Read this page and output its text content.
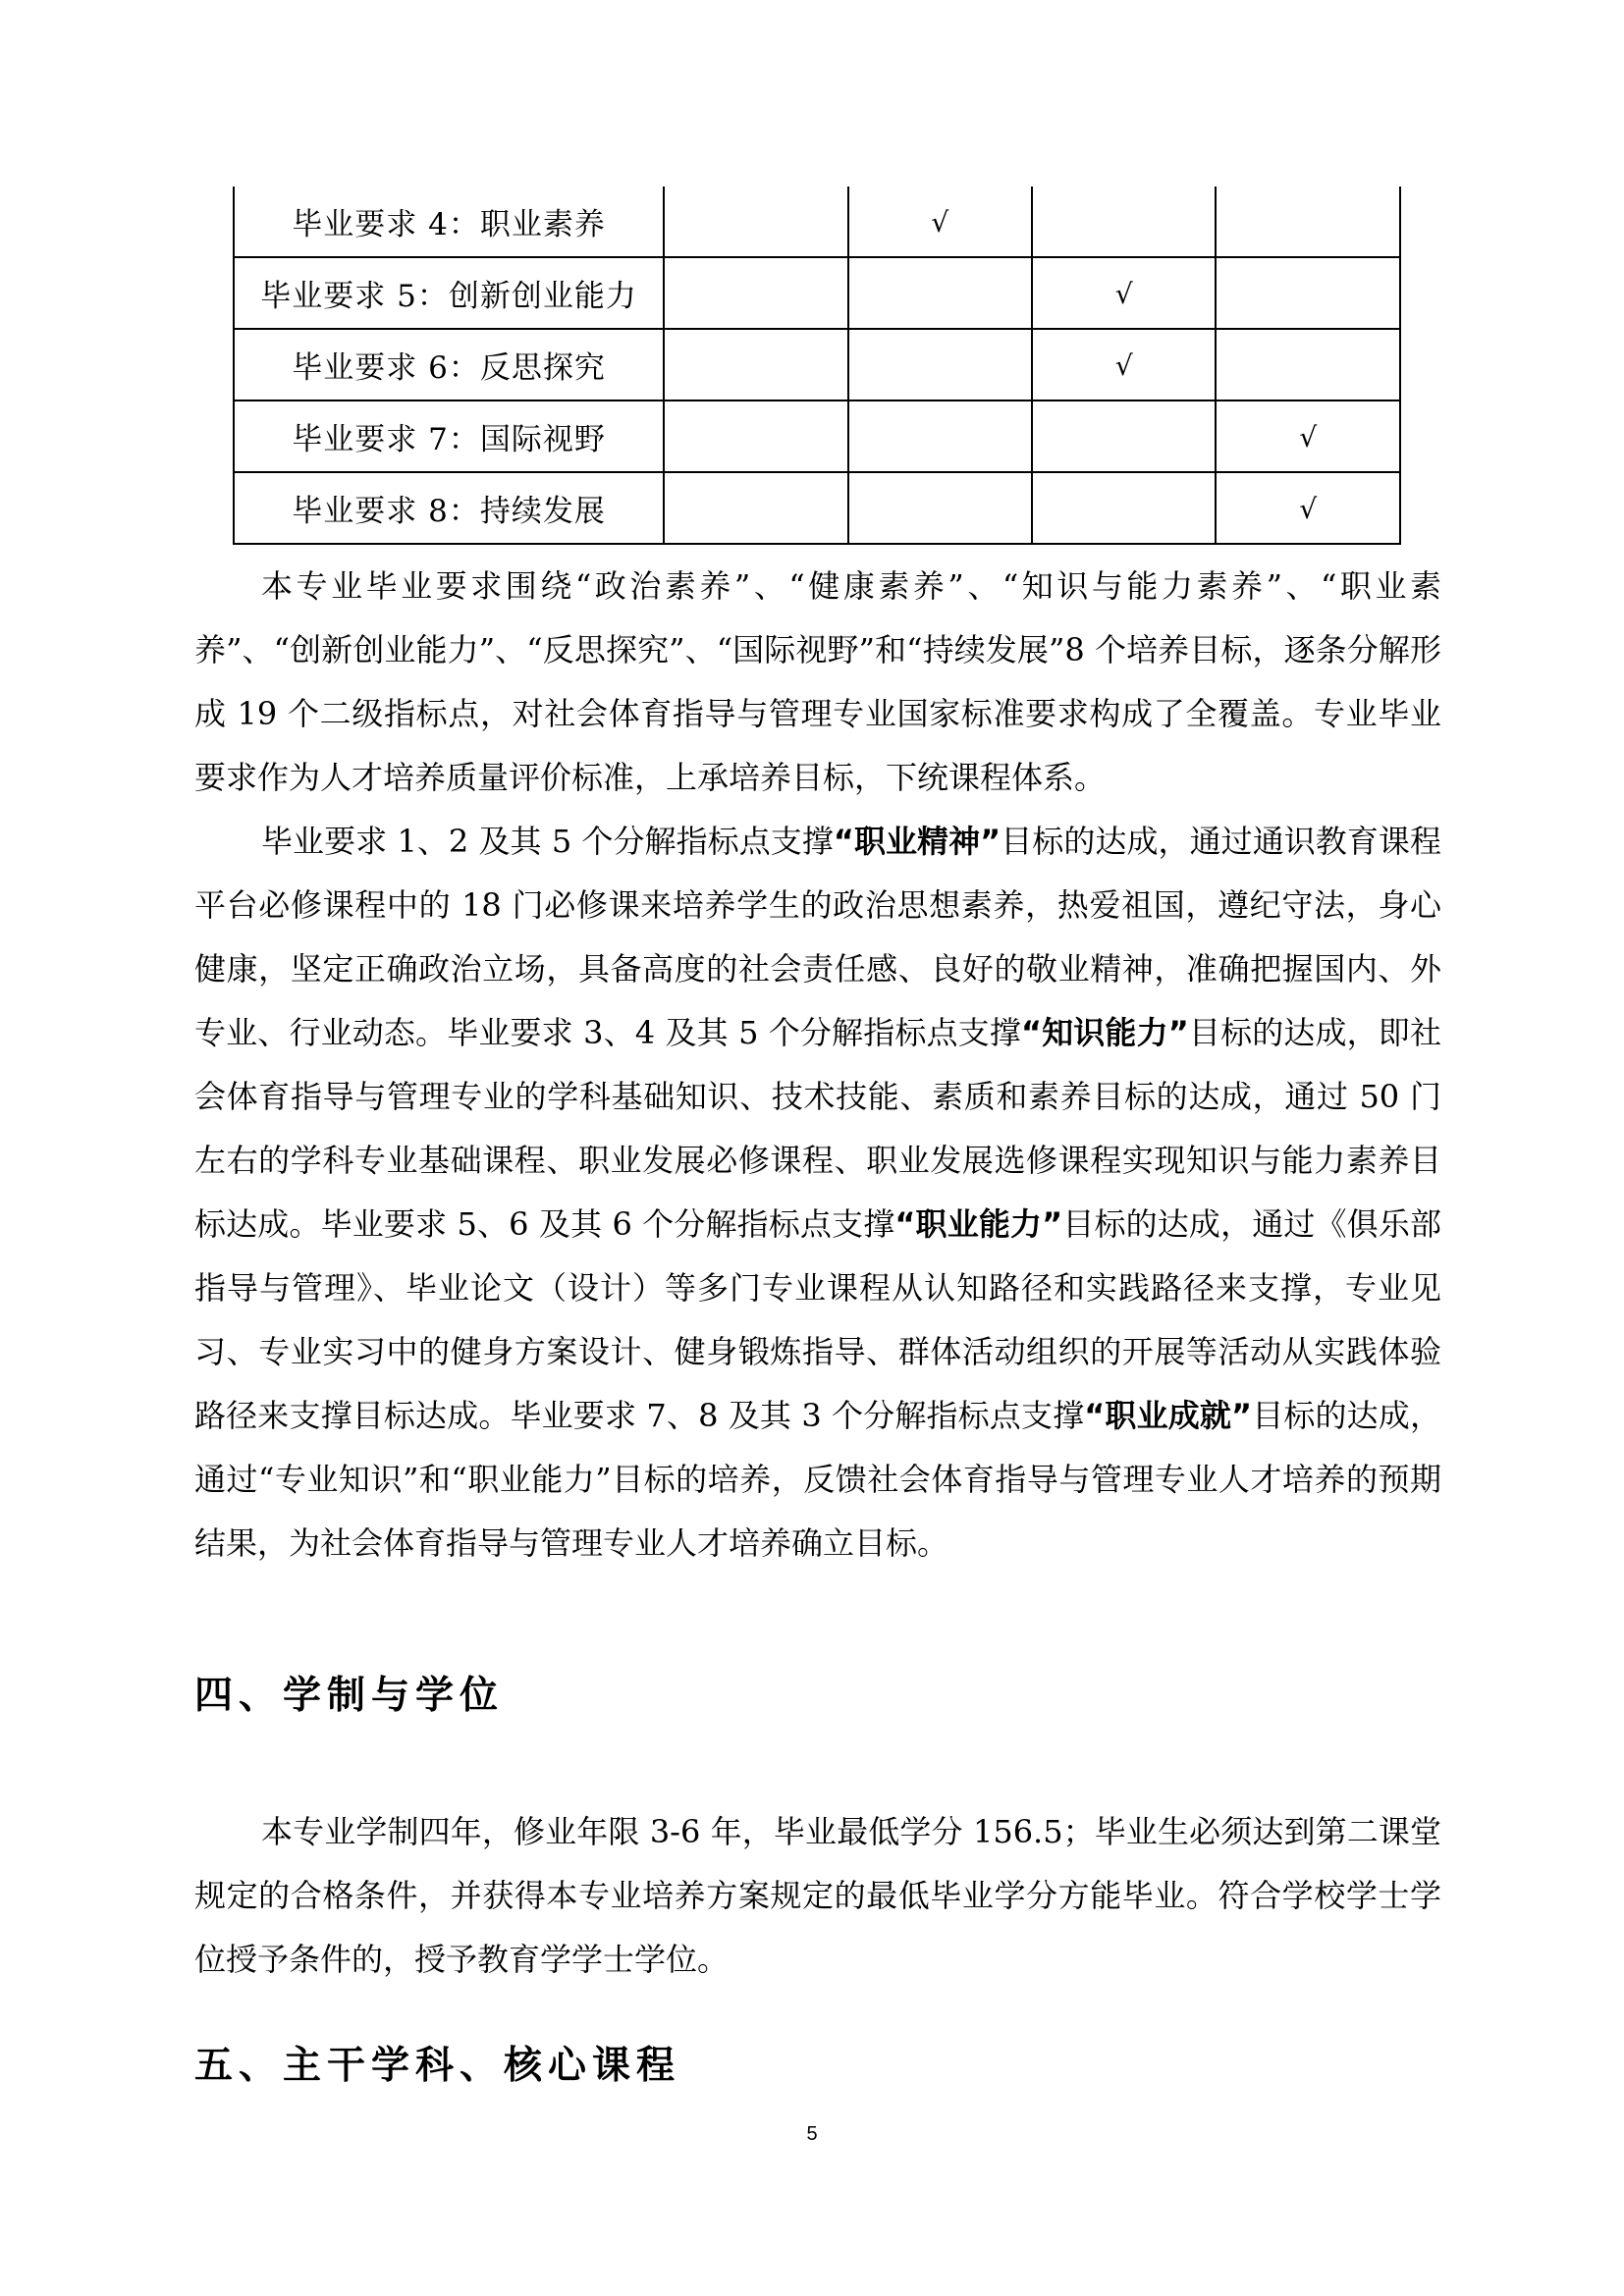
毕业要求 4：职业素养		√		
毕业要求 5：创新创业能力			√	
毕业要求 6：反思探究			√	
毕业要求 7：国际视野				√
毕业要求 8：持续发展				√

本专业毕业要求围绕“政治素养”、“健康素养”、“知识与能力素养”、“职业素养”、“创新创业能力”、“反思探究”、“国际视野”和“持续发展”8 个培养目标，逐条分解形成 19 个二级指标点，对社会体育指导与管理专业国家标准要求构成了全覆盖。专业毕业要求作为人才培养质量评价标准，上承培养目标，下统课程体系。

毕业要求 1、2 及其 5 个分解指标点支撑“职业精神”目标的达成，通过通识教育课程平台必修课程中的 18 门必修课来培养学生的政治思想素养，热爱祖国，遵纪守法，身心健康，坚定正确政治立场，具备高度的社会责任感、良好的敬业精神，准确把握国内、外专业、行业动态。毕业要求 3、4 及其 5 个分解指标点支撑“知识能力”目标的达成，即社会体育指导与管理专业的学科基础知识、技术技能、素质和素养目标的达成，通过 50 门左右的学科专业基础课程、职业发展必修课程、职业发展选修课程实现知识与能力素养目标达成。毕业要求 5、6 及其 6 个分解指标点支撑“职业能力”目标的达成，通过《俱乐部指导与管理》、毕业论文（设计）等多门专业课程从认知路径和实践路径来支撑，专业见习、专业实习中的健身方案设计、健身锻炼指导、群体活动组织的开展等活动从实践体验路径来支撑目标达成。毕业要求 7、8 及其 3 个分解指标点支撑“职业成就”目标的达成，通过“专业知识”和“职业能力”目标的培养，反馈社会体育指导与管理专业人才培养的预期结果，为社会体育指导与管理专业人才培养确立目标。

四、学制与学位

本专业学制四年，修业年限 3-6 年，毕业最低学分 156.5；毕业生必须达到第二课堂规定的合格条件，并获得本专业培养方案规定的最低毕业学分方能毕业。符合学校学士学位授予条件的，授予教育学学士学位。

五、主干学科、核心课程
5
